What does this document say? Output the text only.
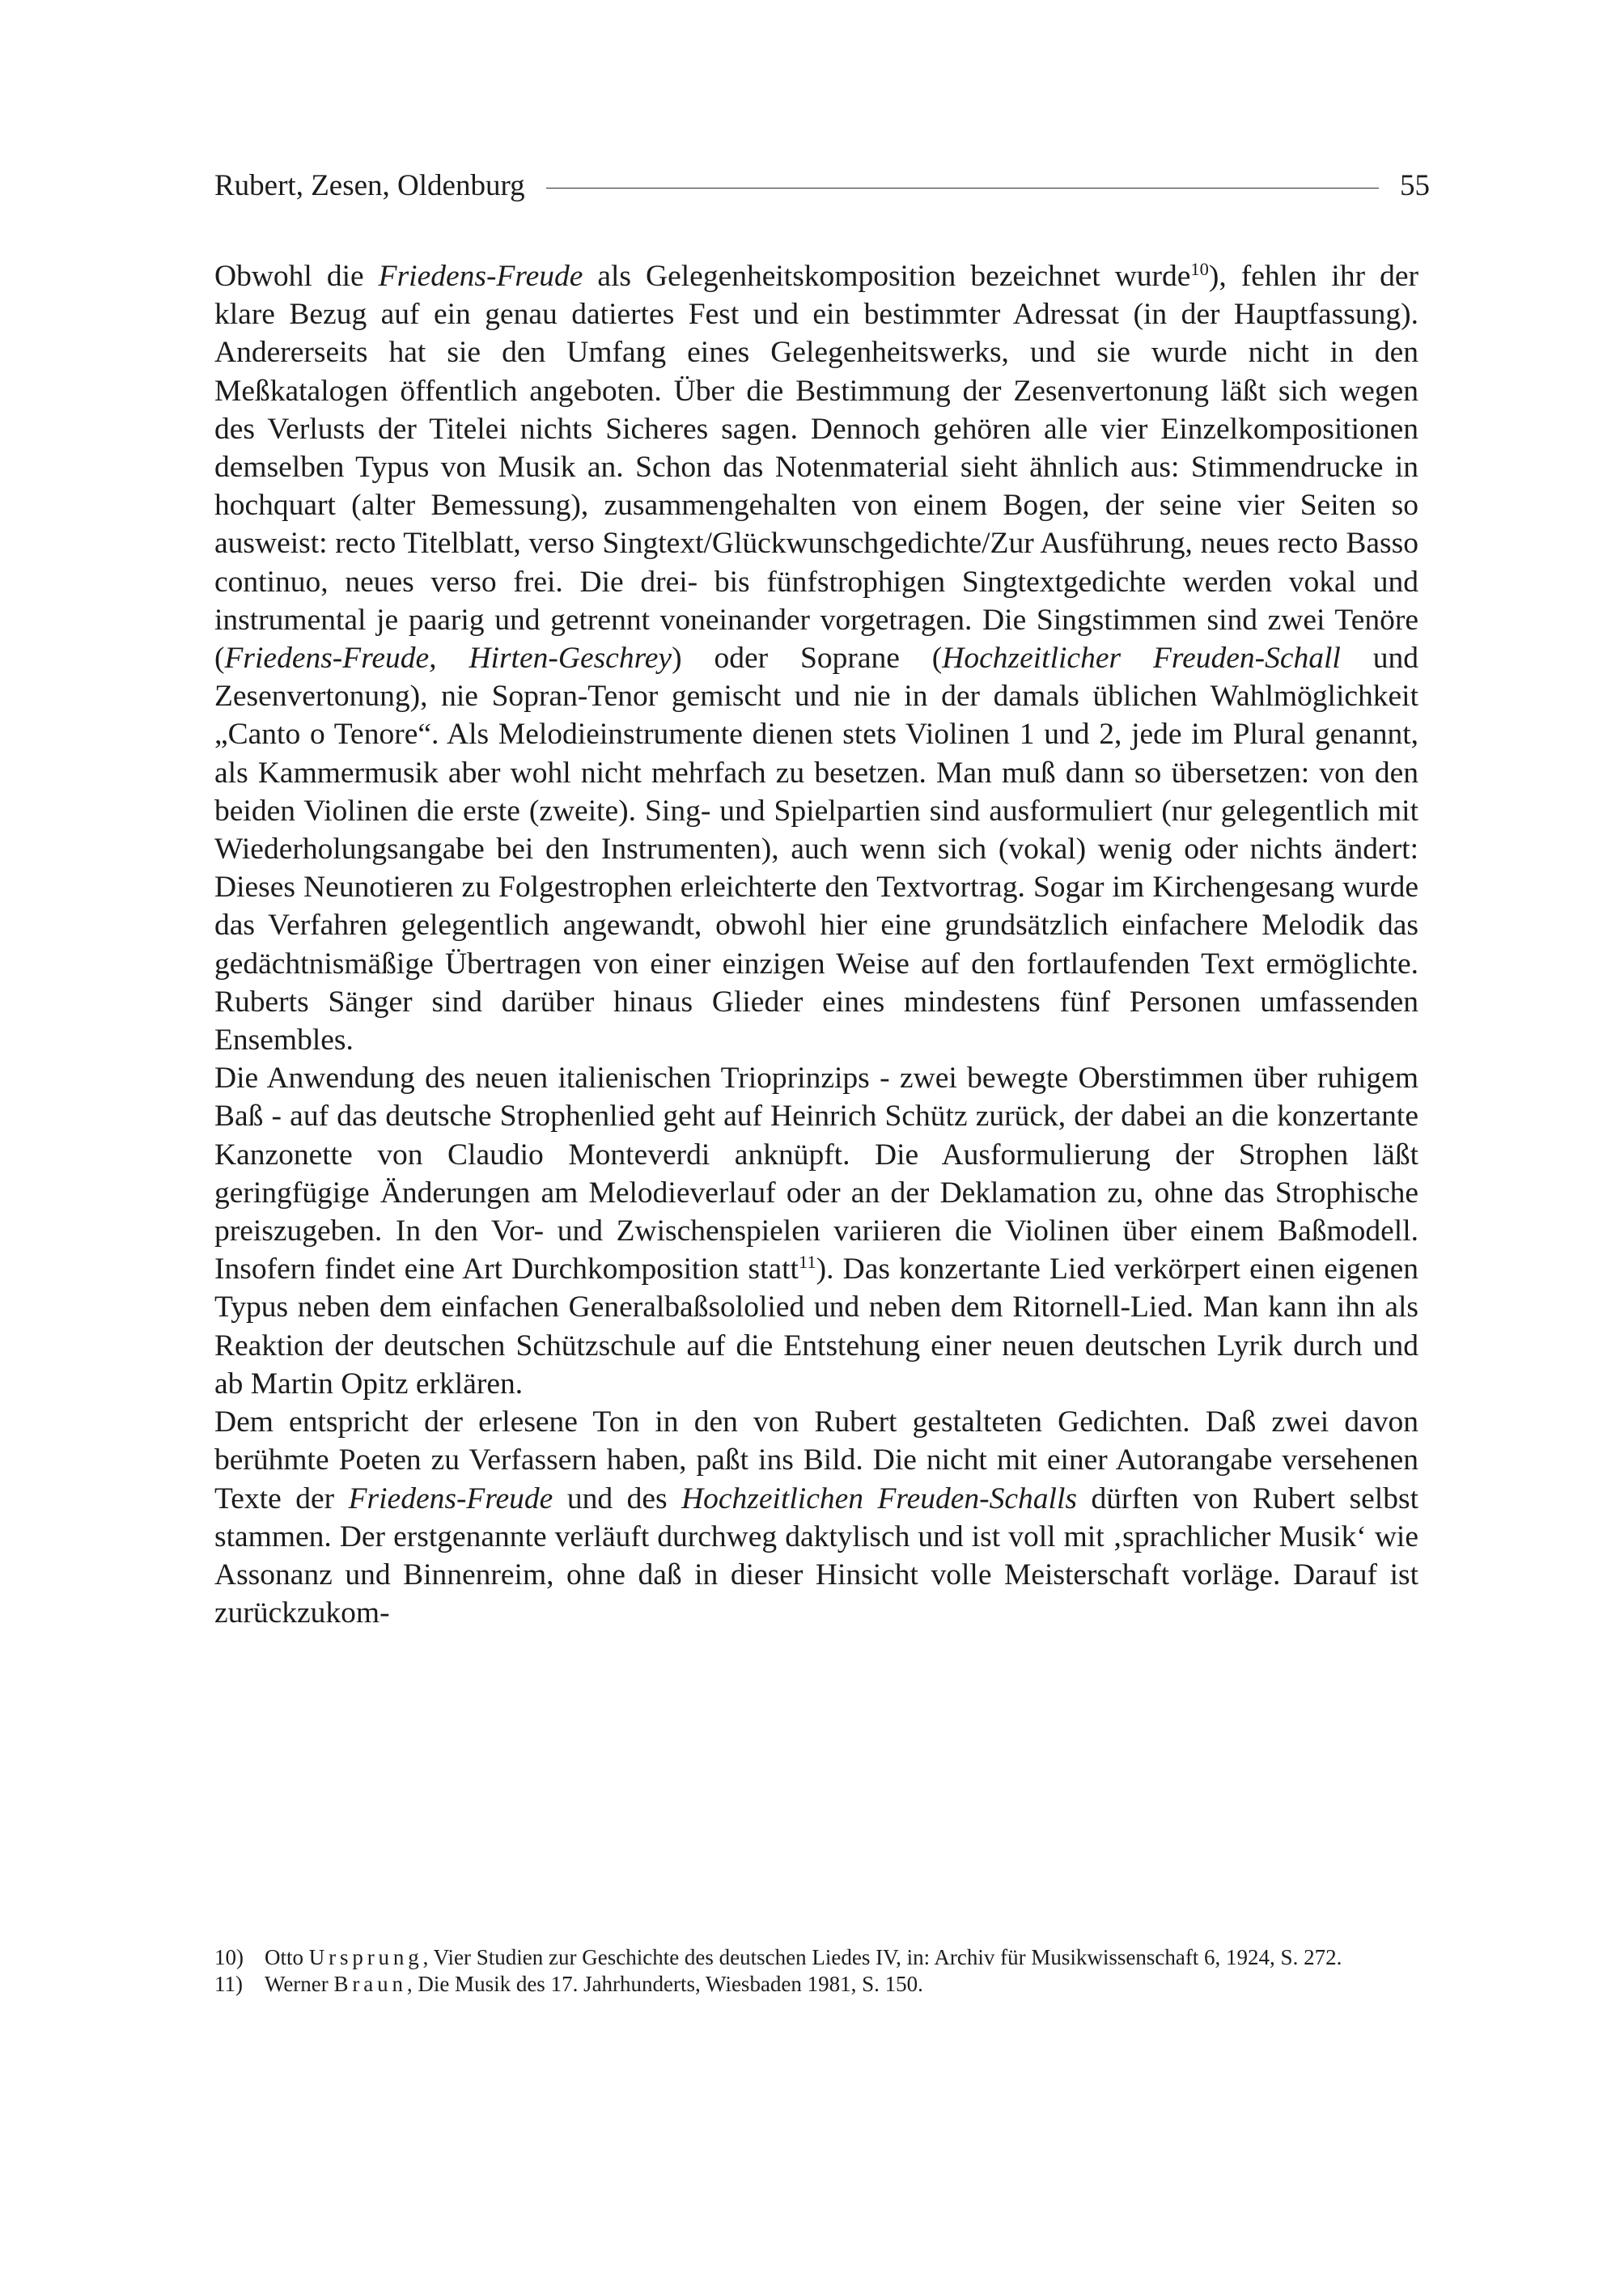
Rubert, Zesen, Oldenburg	55

Obwohl die Friedens-Freude als Gelegenheitskomposition bezeichnet wurde$^{10}$), fehlen ihr der klare Bezug auf ein genau datiertes Fest und ein bestimmter Adressat (in der Hauptfassung). Andererseits hat sie den Umfang eines Gelegenheitswerks, und sie wurde nicht in den Meßkatalogen öffentlich angeboten. Über die Bestimmung der Zesenvertonung läßt sich wegen des Verlusts der Titelei nichts Sicheres sagen. Dennoch gehören alle vier Einzelkompositionen demselben Typus von Musik an. Schon das Notenmaterial sieht ähnlich aus: Stimmendrucke in hochquart (alter Bemessung), zusammengehalten von einem Bogen, der seine vier Seiten so ausweist: recto Titelblatt, verso Singtext/Glückwunschgedichte/Zur Ausführung, neues recto Basso continuo, neues verso frei. Die drei- bis fünfstrophigen Singtextgedichte werden vokal und instrumental je paarig und getrennt voneinander vorgetragen. Die Singstimmen sind zwei Tenöre (Friedens-Freude, Hirten-Geschrey) oder Soprane (Hochzeitlicher Freuden-Schall und Zesenvertonung), nie Sopran-Tenor gemischt und nie in der damals üblichen Wahlmöglichkeit „Canto o Tenore“. Als Melodieinstrumente dienen stets Violinen 1 und 2, jede im Plural genannt, als Kammermusik aber wohl nicht mehrfach zu besetzen. Man muß dann so übersetzen: von den beiden Violinen die erste (zweite). Sing- und Spielpartien sind ausformuliert (nur gelegentlich mit Wiederholungsangabe bei den Instrumenten), auch wenn sich (vokal) wenig oder nichts ändert: Dieses Neunotieren zu Folgestrophen erleichterte den Textvortrag. Sogar im Kirchengesang wurde das Verfahren gelegentlich angewandt, obwohl hier eine grundsätzlich einfachere Melodik das gedächtnismäßige Übertragen von einer einzigen Weise auf den fortlaufenden Text ermöglichte. Ruberts Sänger sind darüber hinaus Glieder eines mindestens fünf Personen umfassenden Ensembles.

Die Anwendung des neuen italienischen Trioprinzips - zwei bewegte Oberstimmen über ruhigem Baß - auf das deutsche Strophenlied geht auf Heinrich Schütz zurück, der dabei an die konzertante Kanzonette von Claudio Monteverdi anknüpft. Die Ausformulierung der Strophen läßt geringfügige Änderungen am Melodieverlauf oder an der Deklamation zu, ohne das Strophische preiszugeben. In den Vor- und Zwischenspielen variieren die Violinen über einem Baßmodell. Insofern findet eine Art Durchkomposition statt$^{11}$). Das konzertante Lied verkörpert einen eigenen Typus neben dem einfachen Generalbaßsololied und neben dem Ritornell-Lied. Man kann ihn als Reaktion der deutschen Schützschule auf die Entstehung einer neuen deutschen Lyrik durch und ab Martin Opitz erklären.

Dem entspricht der erlesene Ton in den von Rubert gestalteten Gedichten. Daß zwei davon berühmte Poeten zu Verfassern haben, paßt ins Bild. Die nicht mit einer Autorangabe versehenen Texte der Friedens-Freude und des Hochzeitlichen Freuden-Schalls dürften von Rubert selbst stammen. Der erstgenannte verläuft durchweg daktylisch und ist voll mit ‚sprachlicher Musik‘ wie Assonanz und Binnenreim, ohne daß in dieser Hinsicht volle Meisterschaft vorläge. Darauf ist zurückzukom-

10) Otto Ursprung, Vier Studien zur Geschichte des deutschen Liedes IV, in: Archiv für Musikwissenschaft 6, 1924, S. 272.
11)	Werner Braun, Die Musik des 17. Jahrhunderts, Wiesbaden 1981, S. 150.
